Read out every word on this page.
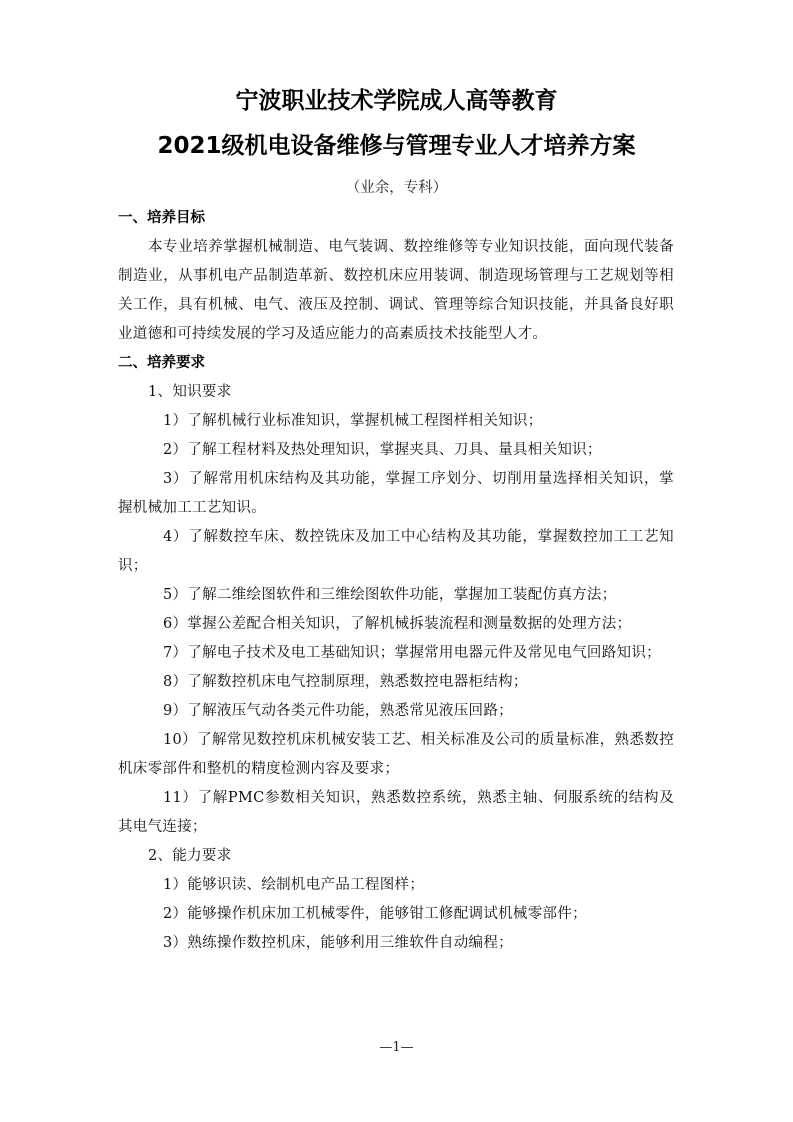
宁波职业技术学院成人高等教育
2021级机电设备维修与管理专业人才培养方案
（业余，专科）
一、培养目标
本专业培养掌握机械制造、电气装调、数控维修等专业知识技能，面向现代装备制造业，从事机电产品制造革新、数控机床应用装调、制造现场管理与工艺规划等相关工作，具有机械、电气、液压及控制、调试、管理等综合知识技能，并具备良好职业道德和可持续发展的学习及适应能力的高素质技术技能型人才。
二、培养要求
1、知识要求
1）了解机械行业标准知识，掌握机械工程图样相关知识；
2）了解工程材料及热处理知识，掌握夹具、刀具、量具相关知识；
3）了解常用机床结构及其功能，掌握工序划分、切削用量选择相关知识，掌握机械加工工艺知识。
4）了解数控车床、数控铣床及加工中心结构及其功能，掌握数控加工工艺知识；
5）了解二维绘图软件和三维绘图软件功能，掌握加工装配仿真方法；
6）掌握公差配合相关知识，了解机械拆装流程和测量数据的处理方法；
7）了解电子技术及电工基础知识；掌握常用电器元件及常见电气回路知识；
8）了解数控机床电气控制原理，熟悉数控电器柜结构；
9）了解液压气动各类元件功能，熟悉常见液压回路；
10）了解常见数控机床机械安装工艺、相关标准及公司的质量标准，熟悉数控机床零部件和整机的精度检测内容及要求；
11）了解PMC参数相关知识，熟悉数控系统，熟悉主轴、伺服系统的结构及其电气连接；
2、能力要求
1）能够识读、绘制机电产品工程图样；
2）能够操作机床加工机械零件，能够钳工修配调试机械零部件；
3）熟练操作数控机床，能够利用三维软件自动编程；
—1—
